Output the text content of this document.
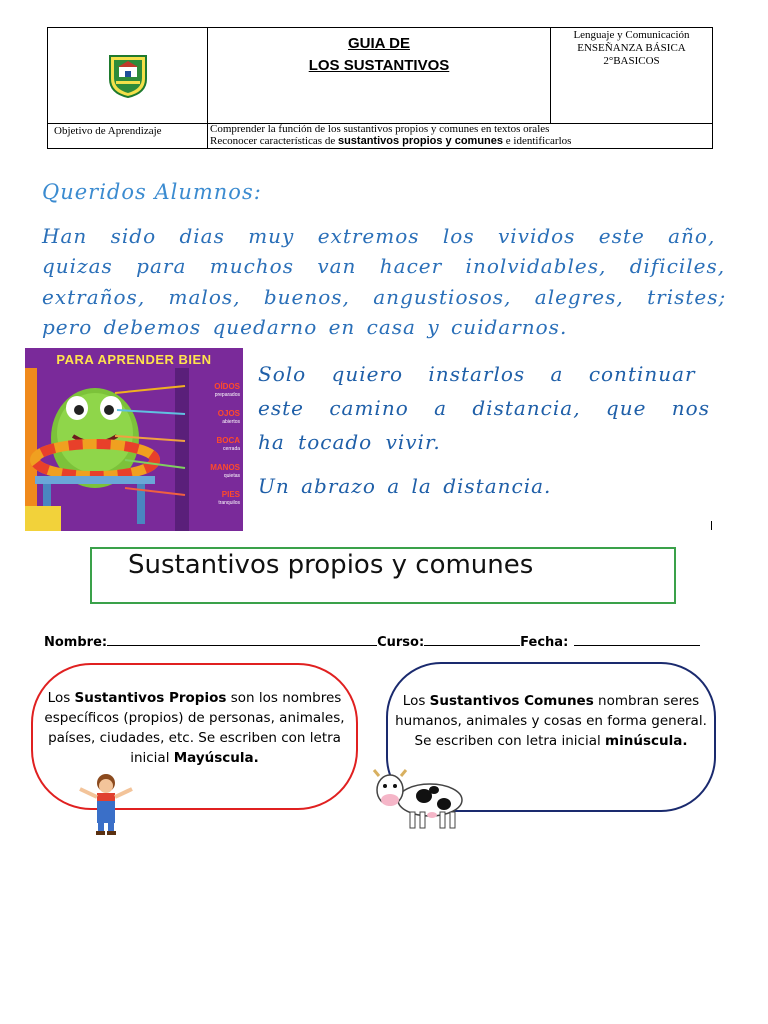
GUIA DE
LOS SUSTANTIVOS
Lenguaje y Comunicación
ENSEÑANZA BÁSICA
2°BASICOS
Objetivo de Aprendizaje	Comprender la función de los sustantivos propios y comunes en textos orales
Reconocer características de sustantivos propios y comunes e identificarlos
Queridos Alumnos:
Han sido dias muy extremos los vividos este año,
quizas para muchos van hacer inolvidables, dificiles,
extraños, malos, buenos, angustiosos, alegres, tristes;
pero debemos quedarno en casa y cuidarnos.
Solo quiero instarlos a continuar
este camino a distancia, que nos
ha tocado vivir.
Un abrazo a la distancia.
PARA APRENDER BIEN
OÍDOS
preparados
OJOS
abiertos
BOCA
cerrada
MANOS
quietas
PIES
tranquilos
Sustantivos propios y comunes
Nombre:	Curso:	Fecha:
Los Sustantivos Propios son los nombres específicos (propios) de personas, animales, países, ciudades, etc. Se escriben con letra inicial Mayúscula.
Los Sustantivos Comunes nombran seres humanos, animales y cosas en forma general. Se escriben con letra inicial minúscula.
